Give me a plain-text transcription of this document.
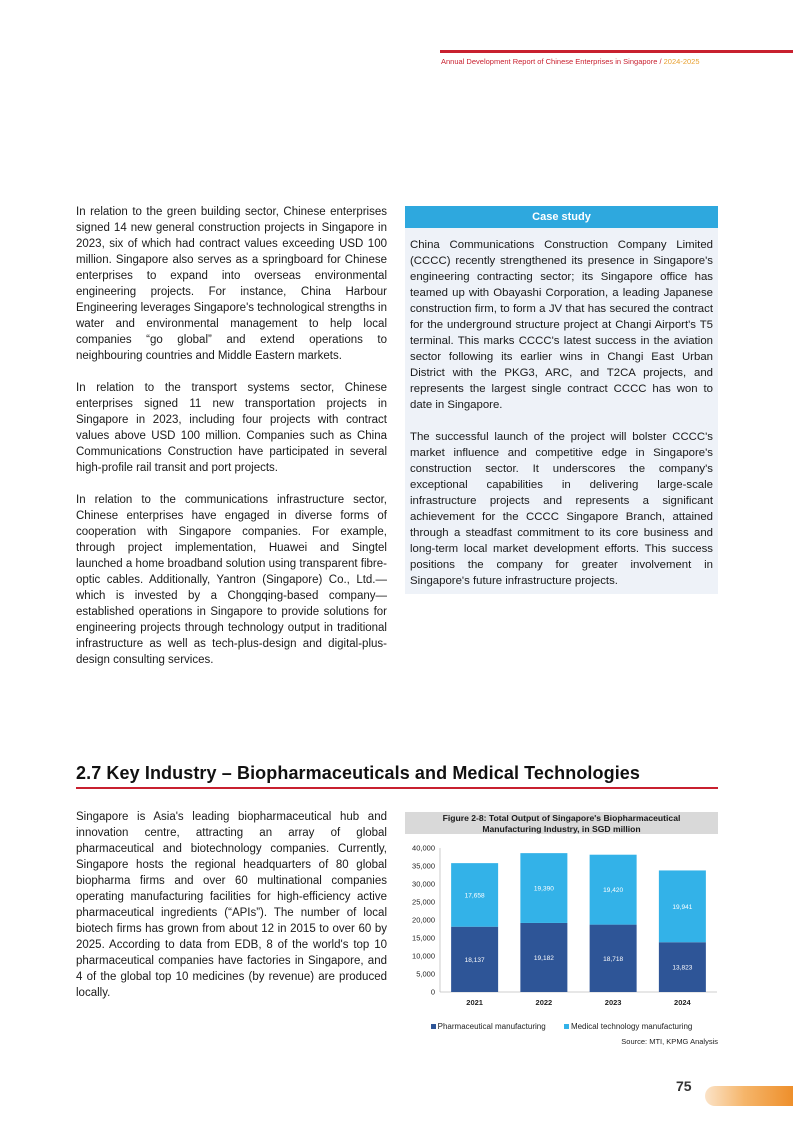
Annual Development Report of Chinese Enterprises in Singapore / 2024-2025

In relation to the green building sector, Chinese enterprises signed 14 new general construction projects in Singapore in 2023, six of which had contract values exceeding USD 100 million. Singapore also serves as a springboard for Chinese enterprises to expand into overseas environmental engineering projects. For instance, China Harbour Engineering leverages Singapore's technological strengths in water and environmental management to help local companies “go global” and extend operations to neighbouring countries and Middle Eastern markets.

In relation to the transport systems sector, Chinese enterprises signed 11 new transportation projects in Singapore in 2023, including four projects with contract values above USD 100 million. Companies such as China Communications Construction have participated in several high-profile rail transit and port projects.

In relation to the communications infrastructure sector, Chinese enterprises have engaged in diverse forms of cooperation with Singapore companies. For example, through project implementation, Huawei and Singtel launched a home broadband solution using transparent fibre-optic cables. Additionally, Yantron (Singapore) Co., Ltd.—which is invested by a Chongqing-based company—established operations in Singapore to provide solutions for engineering projects through technology output in traditional infrastructure as well as tech-plus-design and digital-plus-design consulting services.

Case study

China Communications Construction Company Limited (CCCC) recently strengthened its presence in Singapore's engineering contracting sector; its Singapore office has teamed up with Obayashi Corporation, a leading Japanese construction firm, to form a JV that has secured the contract for the underground structure project at Changi Airport's T5 terminal. This marks CCCC's latest success in the aviation sector following its earlier wins in Changi East Urban District with the PKG3, ARC, and T2CA projects, and represents the largest single contract CCCC has won to date in Singapore.

The successful launch of the project will bolster CCCC's market influence and competitive edge in Singapore's construction sector. It underscores the company's exceptional capabilities in delivering large-scale infrastructure projects and represents a significant achievement for the CCCC Singapore Branch, attained through a steadfast commitment to its core business and long-term local market development efforts. This success positions the company for greater involvement in Singapore's future infrastructure projects.

2.7 Key Industry – Biopharmaceuticals and Medical Technologies

Singapore is Asia's leading biopharmaceutical hub and innovation centre, attracting an array of global pharmaceutical and biotechnology companies. Currently, Singapore hosts the regional headquarters of 80 global biopharma firms and over 60 multinational companies operating manufacturing facilities for high-efficiency active pharmaceutical ingredients (“APIs”). The number of local biotech firms has grown from about 12 in 2015 to over 60 by 2025. According to data from EDB, 8 of the world's top 10 pharmaceutical companies have factories in Singapore, and 4 of the global top 10 medicines (by revenue) are produced locally.

Figure 2-8: Total Output of Singapore's Biopharmaceutical
Manufacturing Industry, in SGD million
0
5,000
10,000
15,000
20,000
25,000
30,000
35,000
40,000
18,137
17,658
2021
19,182
19,390
2022
18,718
19,420
2023
13,823
19,941
2024
Pharmaceutical manufacturing	Medical technology manufacturing
Source: MTI, KPMG Analysis
75
